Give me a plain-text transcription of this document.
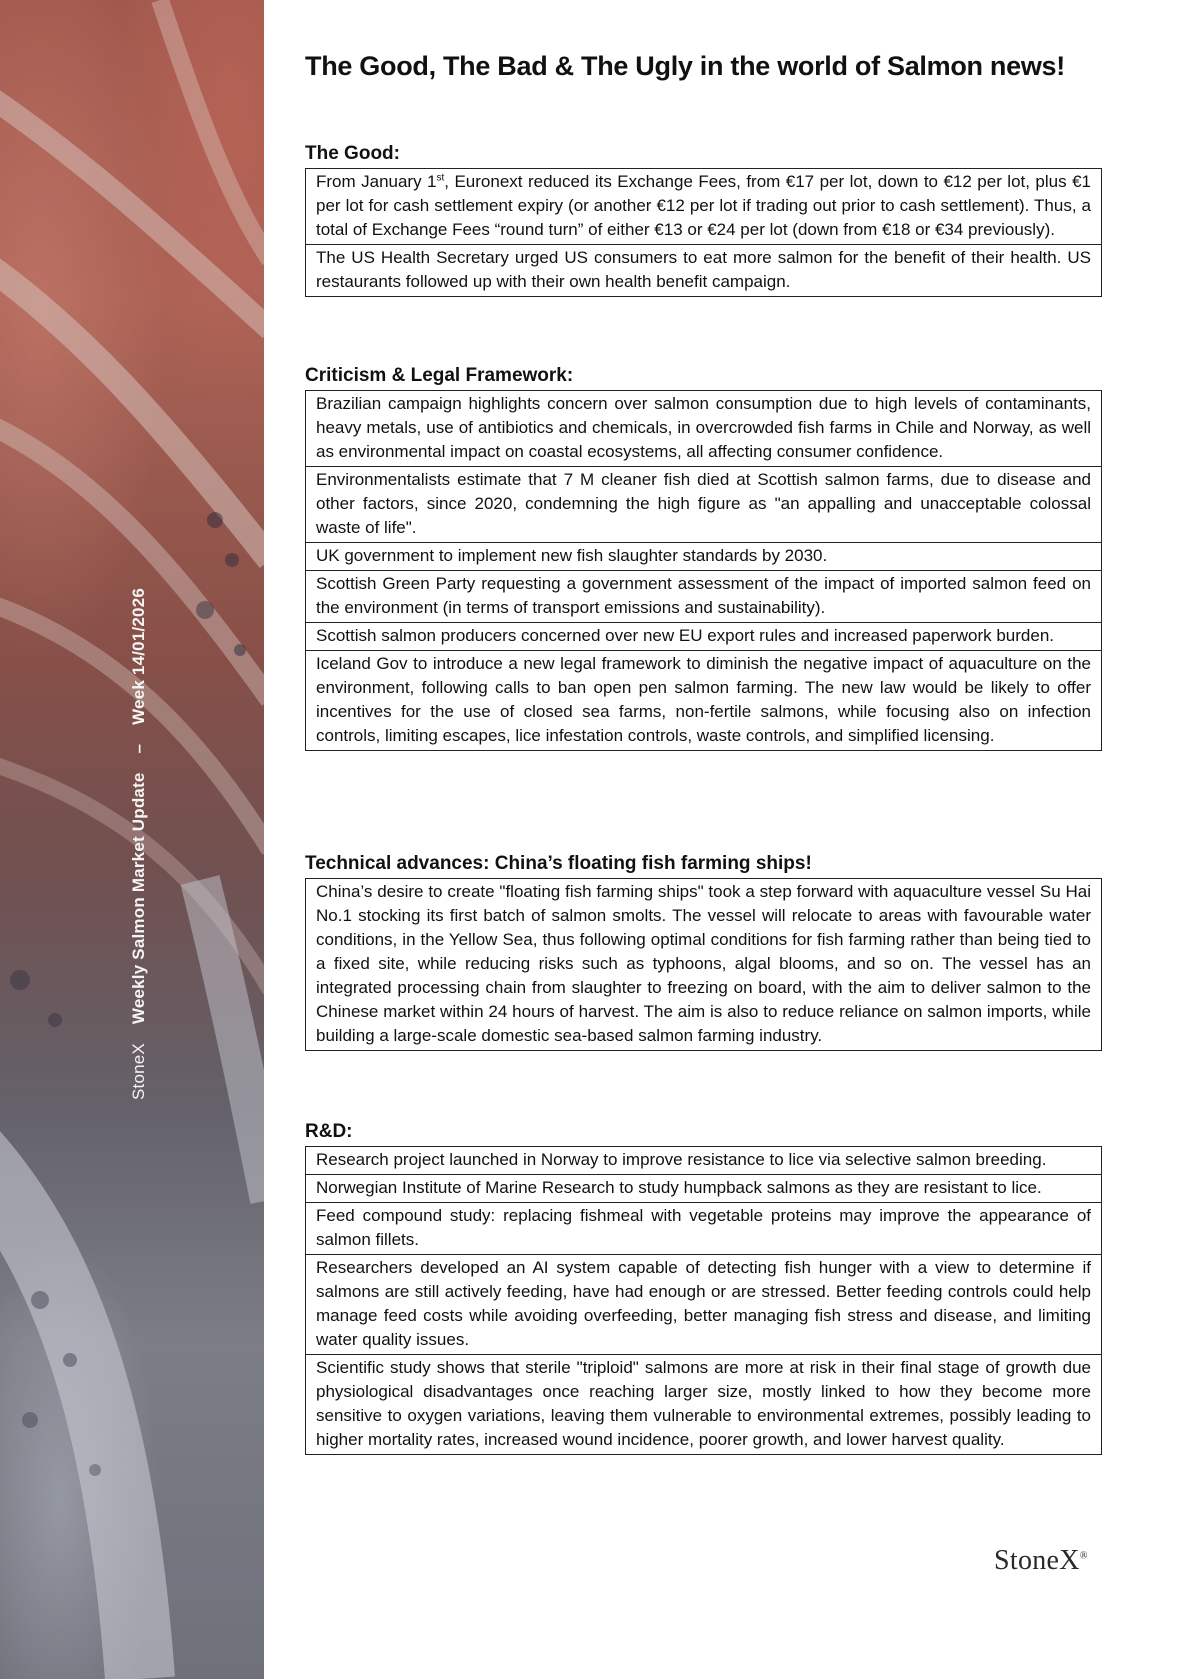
StoneX Weekly Salmon Market Update – Week 14/01/2026
The Good, The Bad & The Ugly in the world of Salmon news!
The Good:
From January 1st, Euronext reduced its Exchange Fees, from €17 per lot, down to €12 per lot, plus €1 per lot for cash settlement expiry (or another €12 per lot if trading out prior to cash settlement). Thus, a total of Exchange Fees “round turn” of either €13 or €24 per lot (down from €18 or €34 previously).
The US Health Secretary urged US consumers to eat more salmon for the benefit of their health. US restaurants followed up with their own health benefit campaign.
Criticism & Legal Framework:
Brazilian campaign highlights concern over salmon consumption due to high levels of contaminants, heavy metals, use of antibiotics and chemicals, in overcrowded fish farms in Chile and Norway, as well as environmental impact on coastal ecosystems, all affecting consumer confidence.
Environmentalists estimate that 7 M cleaner fish died at Scottish salmon farms, due to disease and other factors, since 2020, condemning the high figure as "an appalling and unacceptable colossal waste of life".
UK government to implement new fish slaughter standards by 2030.
Scottish Green Party requesting a government assessment of the impact of imported salmon feed on the environment (in terms of transport emissions and sustainability).
Scottish salmon producers concerned over new EU export rules and increased paperwork burden.
Iceland Gov to introduce a new legal framework to diminish the negative impact of aquaculture on the environment, following calls to ban open pen salmon farming. The new law would be likely to offer incentives for the use of closed sea farms, non-fertile salmons, while focusing also on infection controls, limiting escapes, lice infestation controls, waste controls, and simplified licensing.
Technical advances: China’s floating fish farming ships!
China’s desire to create "floating fish farming ships" took a step forward with aquaculture vessel Su Hai No.1 stocking its first batch of salmon smolts. The vessel will relocate to areas with favourable water conditions, in the Yellow Sea, thus following optimal conditions for fish farming rather than being tied to a fixed site, while reducing risks such as typhoons, algal blooms, and so on. The vessel has an integrated processing chain from slaughter to freezing on board, with the aim to deliver salmon to the Chinese market within 24 hours of harvest. The aim is also to reduce reliance on salmon imports, while building a large-scale domestic sea-based salmon farming industry.
R&D:
Research project launched in Norway to improve resistance to lice via selective salmon breeding.
Norwegian Institute of Marine Research to study humpback salmons as they are resistant to lice.
Feed compound study: replacing fishmeal with vegetable proteins may improve the appearance of salmon fillets.
Researchers developed an AI system capable of detecting fish hunger with a view to determine if salmons are still actively feeding, have had enough or are stressed. Better feeding controls could help manage feed costs while avoiding overfeeding, better managing fish stress and disease, and limiting water quality issues.
Scientific study shows that sterile "triploid" salmons are more at risk in their final stage of growth due physiological disadvantages once reaching larger size, mostly linked to how they become more sensitive to oxygen variations, leaving them vulnerable to environmental extremes, possibly leading to higher mortality rates, increased wound incidence, poorer growth, and lower harvest quality.
StoneX®
